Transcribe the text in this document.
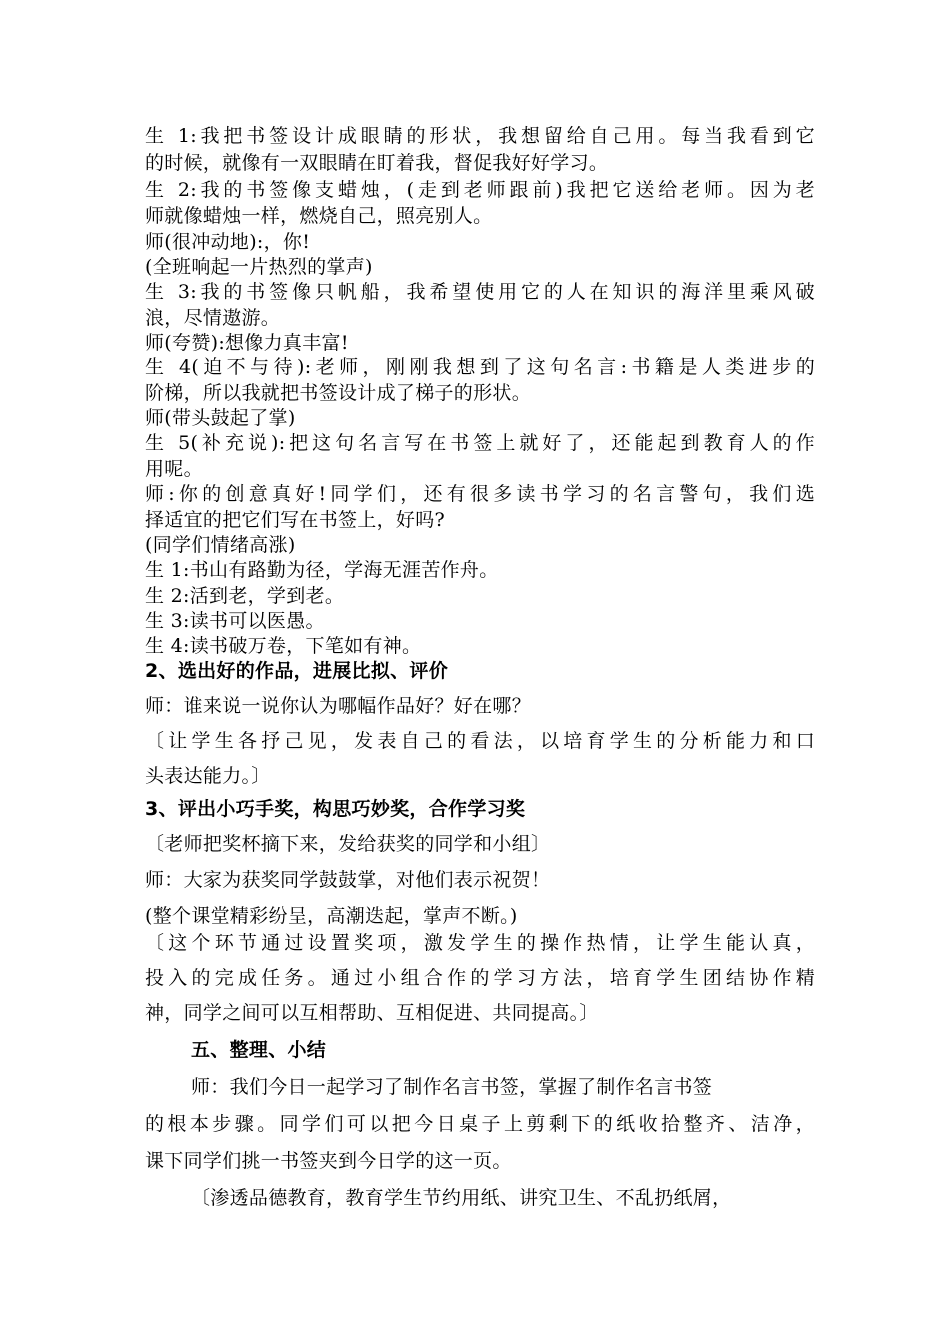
生 1:我把书签设计成眼睛的形状，我想留给自己用。每当我看到它
的时候，就像有一双眼睛在盯着我，督促我好好学习。
生 2:我的书签像支蜡烛，(走到老师跟前)我把它送给老师。因为老
师就像蜡烛一样，燃烧自己，照亮别人。
师(很冲动地):，你!
(全班响起一片热烈的掌声)
生 3:我的书签像只帆船，我希望使用它的人在知识的海洋里乘风破
浪，尽情遨游。
师(夸赞):想像力真丰富!
生 4(迫不与待):老师，刚刚我想到了这句名言:书籍是人类进步的
阶梯，所以我就把书签设计成了梯子的形状。
师(带头鼓起了掌)
生 5(补充说):把这句名言写在书签上就好了，还能起到教育人的作
用呢。
师:你的创意真好!同学们，还有很多读书学习的名言警句，我们选
择适宜的把它们写在书签上，好吗?
(同学们情绪高涨)
生 1:书山有路勤为径，学海无涯苦作舟。
生 2:活到老，学到老。
生 3:读书可以医愚。
生 4:读书破万卷，下笔如有神。
2、选出好的作品，进展比拟、评价
师：谁来说一说你认为哪幅作品好？好在哪？
〔让学生各抒己见，发表自己的看法，以培育学生的分析能力和口
头表达能力。〕
3、评出小巧手奖，构思巧妙奖，合作学习奖
〔老师把奖杯摘下来，发给获奖的同学和小组〕
师：大家为获奖同学鼓鼓掌，对他们表示祝贺！
(整个课堂精彩纷呈，高潮迭起，掌声不断。)
〔这个环节通过设置奖项，激发学生的操作热情，让学生能认真，
投入的完成任务。通过小组合作的学习方法，培育学生团结协作精
神，同学之间可以互相帮助、互相促进、共同提高。〕
五、整理、小结
师：我们今日一起学习了制作名言书签，掌握了制作名言书签
的根本步骤。同学们可以把今日桌子上剪剩下的纸收拾整齐、洁净，
课下同学们挑一书签夹到今日学的这一页。
〔渗透品德教育，教育学生节约用纸、讲究卫生、不乱扔纸屑，
